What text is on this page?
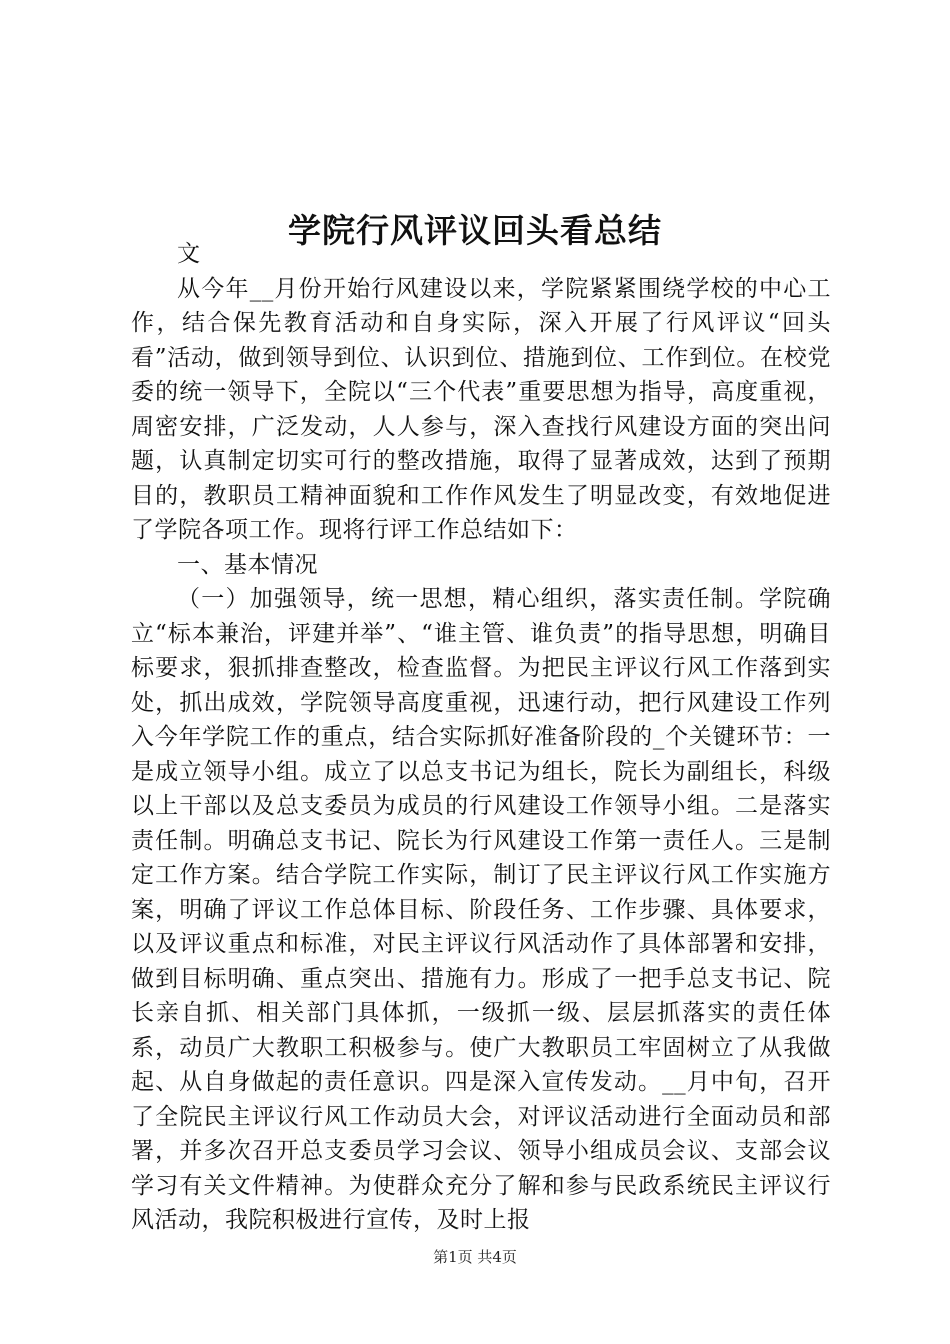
学院行风评议回头看总结

文

从今年__月份开始行风建设以来，学院紧紧围绕学校的中心工作，结合保先教育活动和自身实际，深入开展了行风评议“回头看”活动，做到领导到位、认识到位、措施到位、工作到位。在校党委的统一领导下，全院以“三个代表”重要思想为指导，高度重视，周密安排，广泛发动，人人参与，深入查找行风建设方面的突出问题，认真制定切实可行的整改措施，取得了显著成效，达到了预期目的，教职员工精神面貌和工作作风发生了明显改变，有效地促进了学院各项工作。现将行评工作总结如下：

一、基本情况

（一）加强领导，统一思想，精心组织，落实责任制。学院确立“标本兼治，评建并举”、“谁主管、谁负责”的指导思想，明确目标要求，狠抓排查整改，检查监督。为把民主评议行风工作落到实处，抓出成效，学院领导高度重视，迅速行动，把行风建设工作列入今年学院工作的重点，结合实际抓好准备阶段的_个关键环节：一是成立领导小组。成立了以总支书记为组长，院长为副组长，科级以上干部以及总支委员为成员的行风建设工作领导小组。二是落实责任制。明确总支书记、院长为行风建设工作第一责任人。三是制定工作方案。结合学院工作实际，制订了民主评议行风工作实施方案，明确了评议工作总体目标、阶段任务、工作步骤、具体要求，以及评议重点和标准，对民主评议行风活动作了具体部署和安排，做到目标明确、重点突出、措施有力。形成了一把手总支书记、院长亲自抓、相关部门具体抓，一级抓一级、层层抓落实的责任体系，动员广大教职工积极参与。使广大教职员工牢固树立了从我做起、从自身做起的责任意识。四是深入宣传发动。__月中旬，召开了全院民主评议行风工作动员大会，对评议活动进行全面动员和部署，并多次召开总支委员学习会议、领导小组成员会议、支部会议学习有关文件精神。为使群众充分了解和参与民政系统民主评议行风活动，我院积极进行宣传，及时上报

第1页 共4页
